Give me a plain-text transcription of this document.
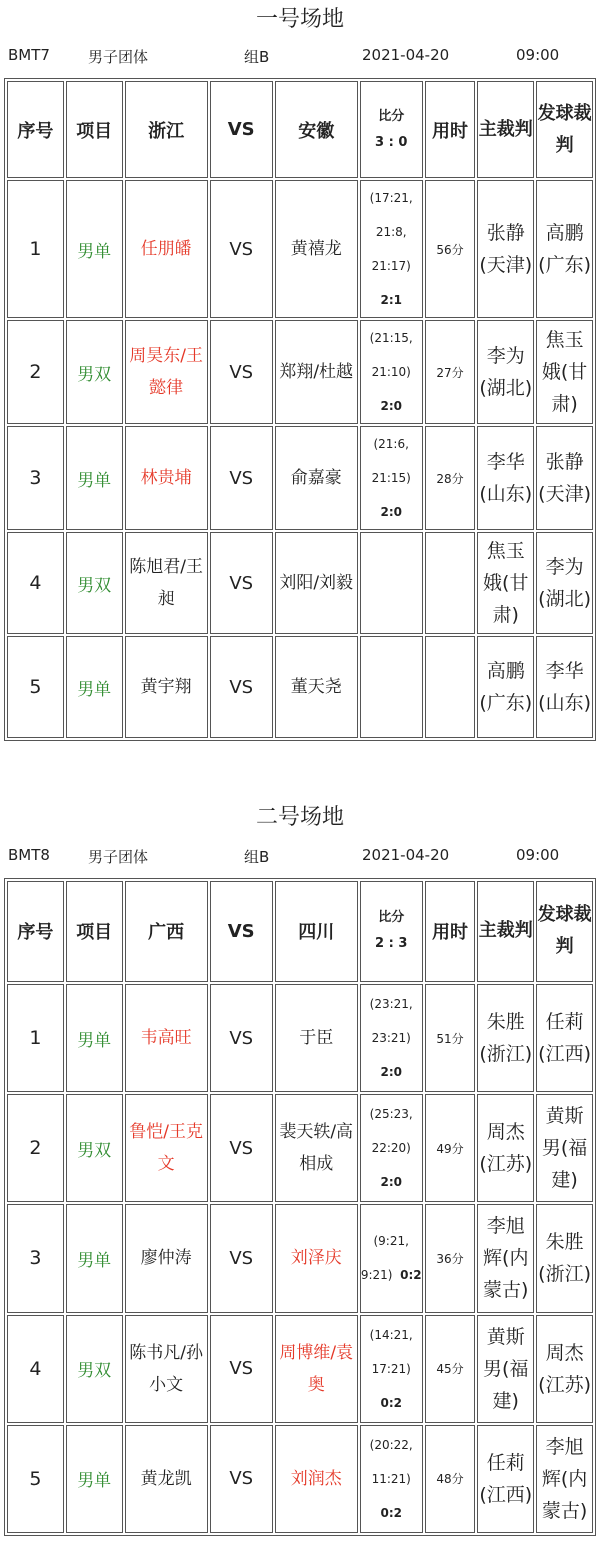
一号场地
BMT7	男子团体	组B	2021-04-20	09:00
序号	项目	浙江	VS	安徽	比分
3 : 0	用时	主裁判	发球裁判
1	男单	任朋皤	VS	黄禧龙	(17:21,
21:8,
21:17)
2:1	56分	张静(天津)	高鹏(广东)
2	男双	周昊东/王懿律	VS	郑翔/杜越	(21:15,
21:10)
2:0	27分	李为(湖北)	焦玉娥(甘肃)
3	男单	林贵埔	VS	俞嘉豪	(21:6,
21:15)
2:0	28分	李华(山东)	张静(天津)
4	男双	陈旭君/王昶	VS	刘阳/刘毅			焦玉娥(甘肃)	李为(湖北)
5	男单	黄宇翔	VS	董天尧			高鹏(广东)	李华(山东)
二号场地
BMT8	男子团体	组B	2021-04-20	09:00
序号	项目	广西	VS	四川	比分
2 : 3	用时	主裁判	发球裁判
1	男单	韦高旺	VS	于臣	(23:21,
23:21)
2:0	51分	朱胜(浙江)	任莉(江西)
2	男双	鲁恺/王克文	VS	裴天轶/高相成	(25:23,
22:20)
2:0	49分	周杰(江苏)	黄斯男(福建)
3	男单	廖仲涛	VS	刘泽庆	(9:21,
9:21) 0:2	36分	李旭辉(内蒙古)	朱胜(浙江)
4	男双	陈书凡/孙小文	VS	周博维/袁奥	(14:21,
17:21)
0:2	45分	黄斯男(福建)	周杰(江苏)
5	男单	黄龙凯	VS	刘润杰	(20:22,
11:21)
0:2	48分	任莉(江西)	李旭辉(内蒙古)
